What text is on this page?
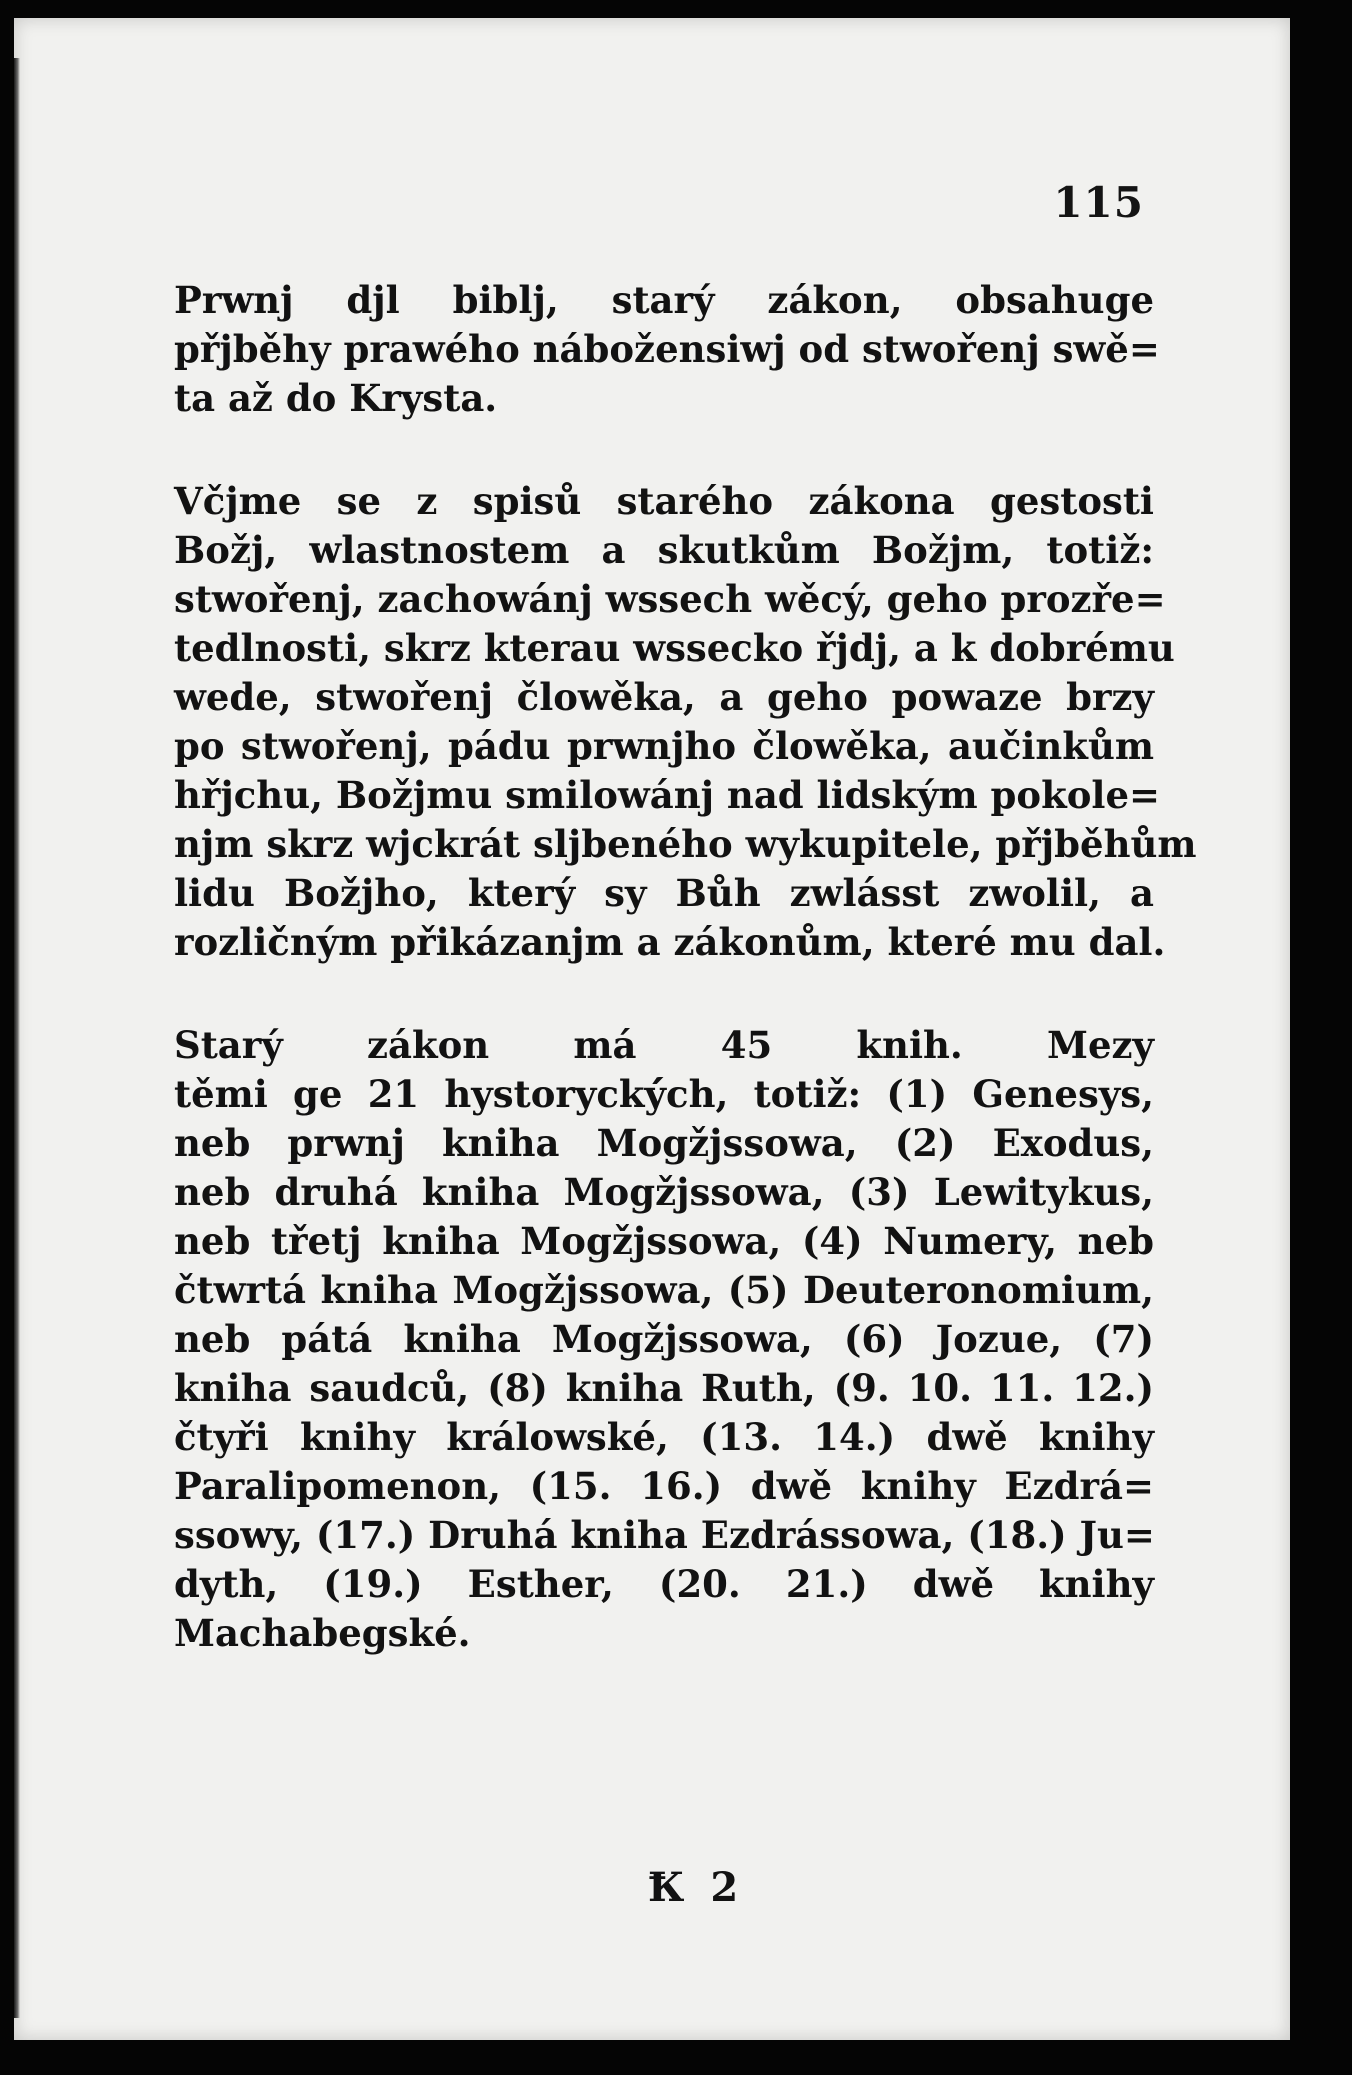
115
Prwnj djl biblj, starý zákon, obsahuge
přjběhy prawého nábožensiwj od stwořenj swě=
ta až do Krysta.
Včjme se z spisů starého zákona gestosti
Božj, wlastnostem a skutkům Božjm, totiž:
stwořenj, zachowánj wssech wěcý, geho prozře=
tedlnosti, skrz kterau wsseckо řjdj, a k dobrému
wede, stwořenj člowěka, a geho powaze brzy
po stwořenj, pádu prwnjho člowěka, aučinkům
hřjchu, Božjmu smilowánj nad lidským pokole=
njm skrz wjckrát sljbeného wykupitele, přjběhům
lidu Božjho, který sy Bůh zwlásst zwolil, a
rozličným přikázanjm a zákonům, které mu dal.
Starý zákon má 45 knih. Mezy
těmi ge 21 hystorycký́ch, totiž: (1) Genesys,
neb prwnj kniha Mogžjssowa, (2) Exodus,
neb druhá kniha Mogžjssowa, (3) Lewitykus,
neb třetj kniha Mogžjssowa, (4) Numery, neb
čtwrtá kniha Mogžjssowa, (5) Deuteronomium,
neb pátá kniha Mogžjssowa, (6) Jozue, (7)
kniha saudců, (8) kniha Ruth, (9. 10. 11. 12.)
čtyři knihy králowské, (13. 14.) dwě knihy
Paralipomenon, (15. 16.) dwě knihy Ezdrá=
ssowy, (17.) Druhá kniha Ezdrássowa, (18.) Ju=
dyth, (19.) Esther, (20. 21.) dwě knihy
Machabegské.
Ꝁ 2
